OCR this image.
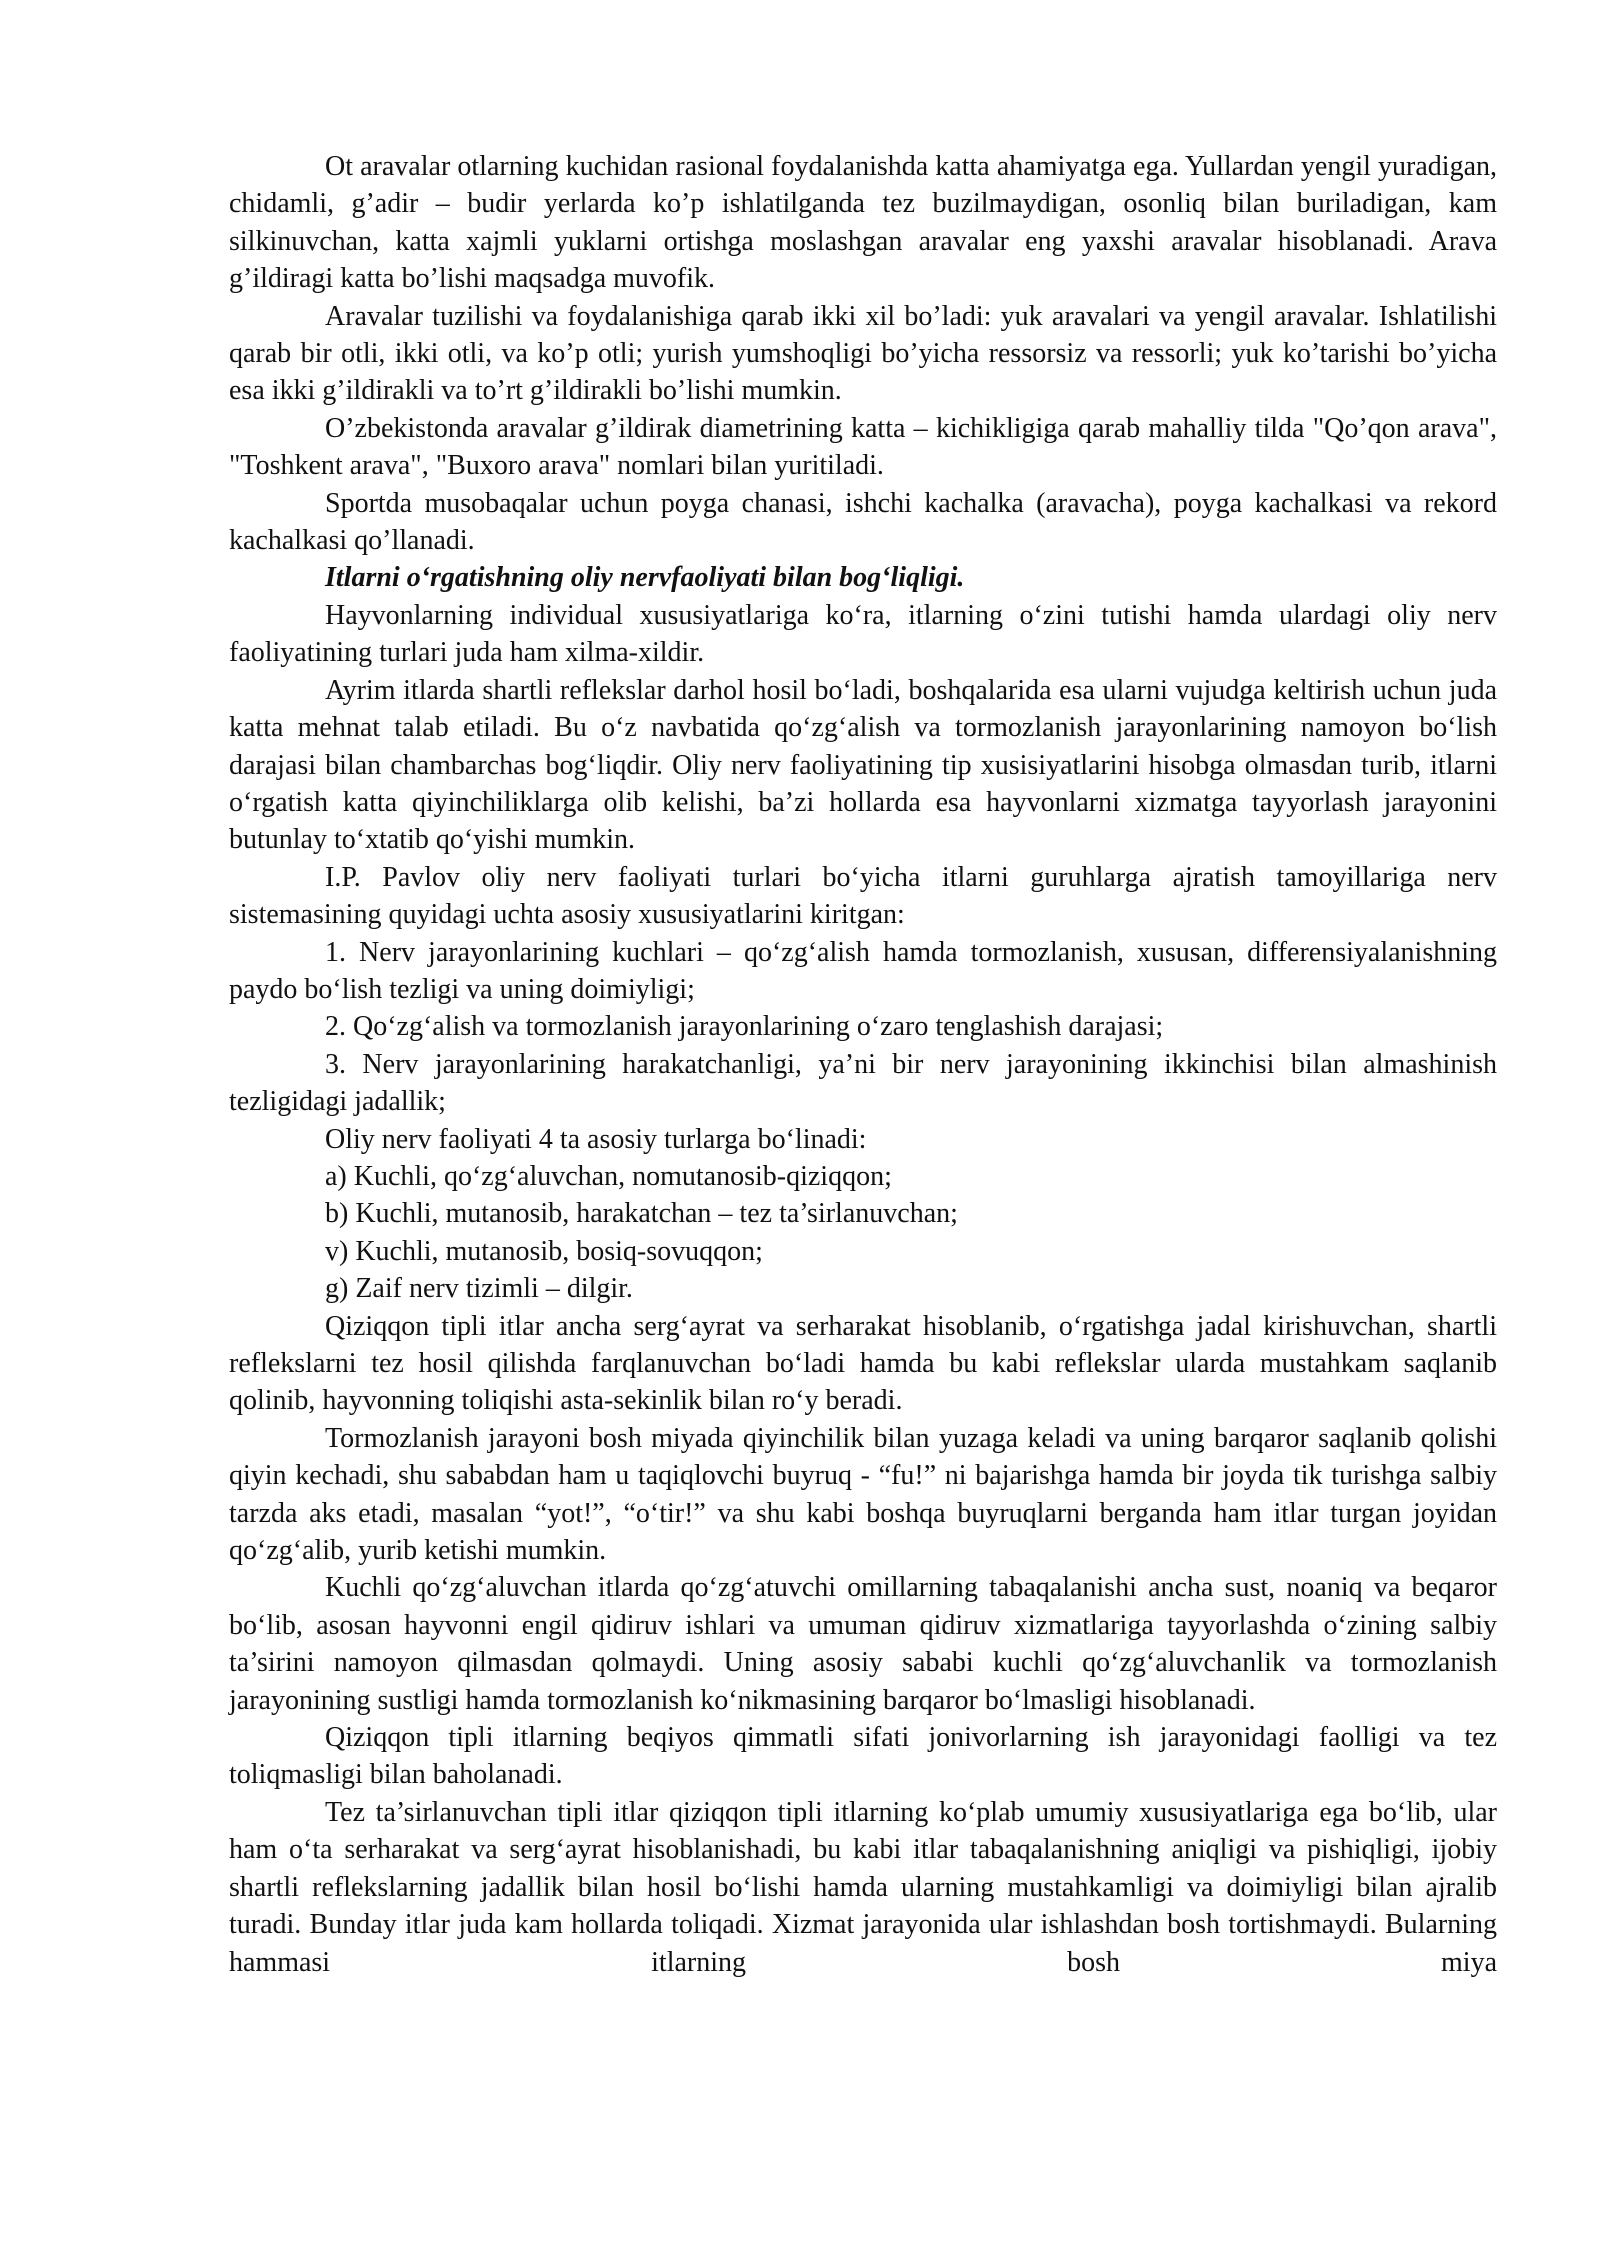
Ot aravalar otlarning kuchidan rasional foydalanishda katta ahamiyatga ega. Yullardan yengil yuradigan, chidamli, g’adir – budir yerlarda ko’p ishlatilganda tez buzilmaydigan, osonliq bilan buriladigan, kam silkinuvchan, katta xajmli yuklarni ortishga moslashgan aravalar eng yaxshi aravalar hisoblanadi. Arava g’ildiragi katta bo’lishi maqsadga muvofik.

Aravalar tuzilishi va foydalanishiga qarab ikki xil bo’ladi: yuk aravalari va yengil aravalar. Ishlatilishi qarab bir otli, ikki otli, va ko’p otli; yurish yumshoqligi bo’yicha ressorsiz va ressorli; yuk ko’tarishi bo’yicha esa ikki g’ildirakli va to’rt g’ildirakli bo’lishi mumkin.

O’zbekistonda aravalar g’ildirak diametrining katta – kichikligiga qarab mahalliy tilda "Qo’qon arava", "Toshkent arava", "Buxoro arava" nomlari bilan yuritiladi.

Sportda musobaqalar uchun poyga chanasi, ishchi kachalka (aravacha), poyga kachalkasi va rekord kachalkasi qo’llanadi.

Itlarni o‘rgatishning oliy nervfaoliyati bilan bog‘liqligi.

Hayvonlarning individual xususiyatlariga ko‘ra, itlarning o‘zini tutishi hamda ulardagi oliy nerv faoliyatining turlari juda ham xilma-xildir.

Ayrim itlarda shartli reflekslar darhol hosil bo‘ladi, boshqalarida esa ularni vujudga keltirish uchun juda katta mehnat talab etiladi. Bu o‘z navbatida qo‘zg‘alish va tormozlanish jarayonlarining namoyon bo‘lish darajasi bilan chambarchas bog‘liqdir. Oliy nerv faoliyatining tip xusisiyatlarini hisobga olmasdan turib, itlarni o‘rgatish katta qiyinchiliklarga olib kelishi, ba’zi hollarda esa hayvonlarni xizmatga tayyorlash jarayonini butunlay to‘xtatib qo‘yishi mumkin.

I.P. Pavlov oliy nerv faoliyati turlari bo‘yicha itlarni guruhlarga ajratish tamoyillariga nerv sistemasining quyidagi uchta asosiy xususiyatlarini kiritgan:

1. Nerv jarayonlarining kuchlari – qo‘zg‘alish hamda tormozlanish, xususan, differensiyalanishning paydo bo‘lish tezligi va uning doimiyligi;

2. Qo‘zg‘alish va tormozlanish jarayonlarining o‘zaro tenglashish darajasi;

3. Nerv jarayonlarining harakatchanligi, ya’ni bir nerv jarayonining ikkinchisi bilan almashinish tezligidagi jadallik;

Oliy nerv faoliyati 4 ta asosiy turlarga bo‘linadi:

a) Kuchli, qo‘zg‘aluvchan, nomutanosib-qiziqqon;

b) Kuchli, mutanosib, harakatchan – tez ta’sirlanuvchan;

v) Kuchli, mutanosib, bosiq-sovuqqon;

g) Zaif nerv tizimli – dilgir.

Qiziqqon tipli itlar ancha serg‘ayrat va serharakat hisoblanib, o‘rgatishga jadal kirishuvchan, shartli reflekslarni tez hosil qilishda farqlanuvchan bo‘ladi hamda bu kabi reflekslar ularda mustahkam saqlanib qolinib, hayvonning toliqishi asta-sekinlik bilan ro‘y beradi.

Tormozlanish jarayoni bosh miyada qiyinchilik bilan yuzaga keladi va uning barqaror saqlanib qolishi qiyin kechadi, shu sababdan ham u taqiqlovchi buyruq - “fu!” ni bajarishga hamda bir joyda tik turishga salbiy tarzda aks etadi, masalan “yot!”, “o‘tir!” va shu kabi boshqa buyruqlarni berganda ham itlar turgan joyidan qo‘zg‘alib, yurib ketishi mumkin.

Kuchli qo‘zg‘aluvchan itlarda qo‘zg‘atuvchi omillarning tabaqalanishi ancha sust, noaniq va beqaror bo‘lib, asosan hayvonni engil qidiruv ishlari va umuman qidiruv xizmatlariga tayyorlashda o‘zining salbiy ta’sirini namoyon qilmasdan qolmaydi. Uning asosiy sababi kuchli qo‘zg‘aluvchanlik va tormozlanish jarayonining sustligi hamda tormozlanish ko‘nikmasining barqaror bo‘lmasligi hisoblanadi.

Qiziqqon tipli itlarning beqiyos qimmatli sifati jonivorlarning ish jarayonidagi faolligi va tez toliqmasligi bilan baholanadi.

Tez ta’sirlanuvchan tipli itlar qiziqqon tipli itlarning ko‘plab umumiy xususiyatlariga ega bo‘lib, ular ham o‘ta serharakat va serg‘ayrat hisoblanishadi, bu kabi itlar tabaqalanishning aniqligi va pishiqligi, ijobiy shartli reflekslarning jadallik bilan hosil bo‘lishi hamda ularning mustahkamligi va doimiyligi bilan ajralib turadi. Bunday itlar juda kam hollarda toliqadi. Xizmat jarayonida ular ishlashdan bosh tortishmaydi. Bularning hammasi itlarning bosh miya
